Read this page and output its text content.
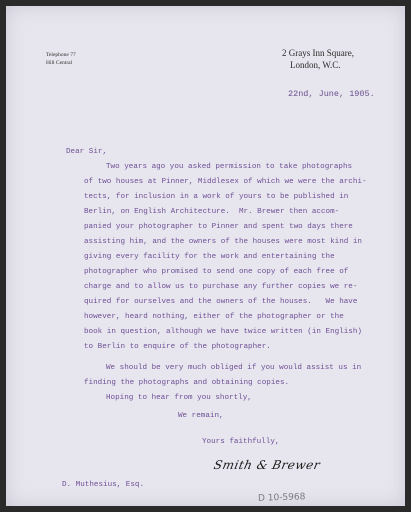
Telephone 77
Hill Central
2 Grays Inn Square,
London, W.C.
22nd, June, 1905.
Dear Sir,
Two years ago you asked permission to take photographs
of two houses at Pinner, Middlesex of which we were the archi-
tects, for inclusion in a work of yours to be published in
Berlin, on English Architecture.  Mr. Brewer then accom-
panied your photographer to Pinner and spent two days there
assisting him, and the owners of the houses were most kind in
giving every facility for the work and entertaining the
photographer who promised to send one copy of each free of
charge and to allow us to purchase any further copies we re-
quired for ourselves and the owners of the houses.   We have
however, heard nothing, either of the photographer or the
book in question, although we have twice written (in English)
to Berlin to enquire of the photographer.
We should be very much obliged if you would assist us in
finding the photographs and obtaining copies.
Hoping to hear from you shortly,
We remain,
Yours faithfully,
Smith & Brewer
D. Muthesius, Esq.
D 10-5968
